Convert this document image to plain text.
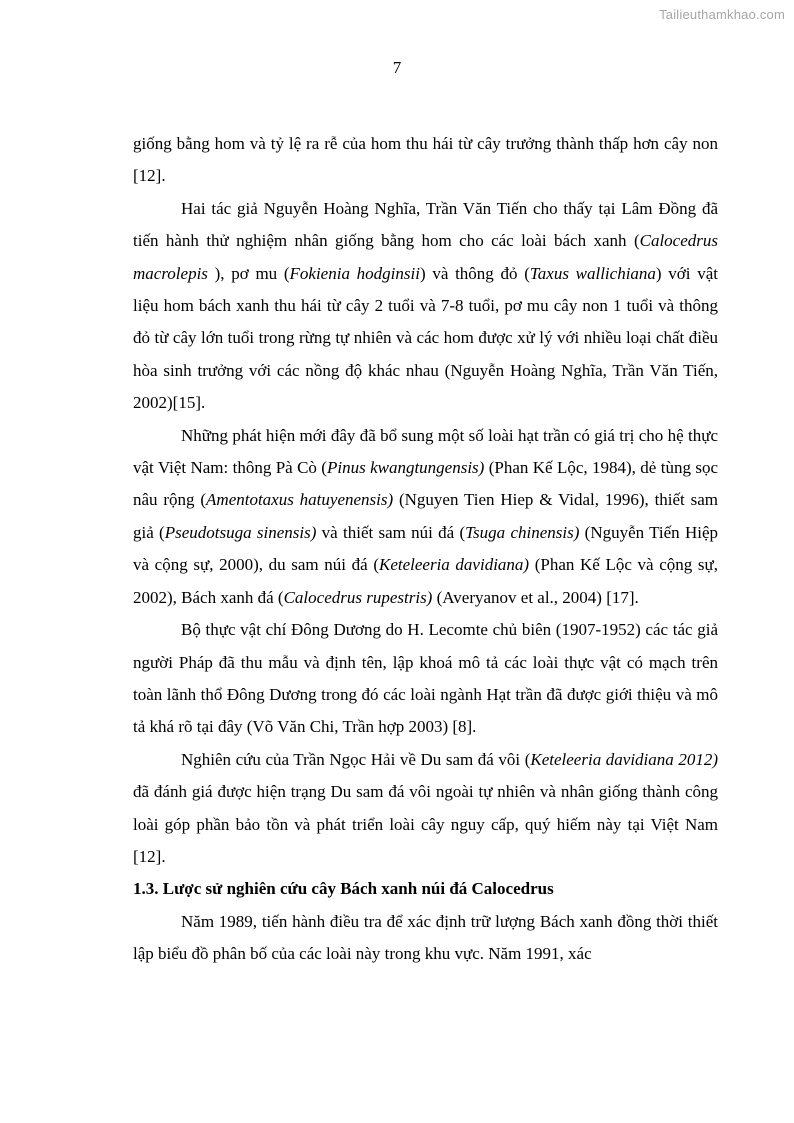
Tailieuthamkhao.com
7

giống bằng hom và tỷ lệ ra rễ của hom thu hái từ cây trưởng thành thấp hơn cây non [12].

Hai tác giả Nguyễn Hoàng Nghĩa, Trần Văn Tiến cho thấy tại Lâm Đồng đã tiến hành thử nghiệm nhân giống bằng hom cho các loài bách xanh (Calocedrus macrolepis ), pơ mu (Fokienia hodginsii) và thông đỏ (Taxus wallichiana) với vật liệu hom bách xanh thu hái từ cây 2 tuổi và 7-8 tuổi, pơ mu cây non 1 tuổi và thông đỏ từ cây lớn tuổi trong rừng tự nhiên và các hom được xử lý với nhiều loại chất điều hòa sinh trưởng với các nồng độ khác nhau (Nguyễn Hoàng Nghĩa, Trần Văn Tiến, 2002)[15].

Những phát hiện mới đây đã bổ sung một số loài hạt trần có giá trị cho hệ thực vật Việt Nam: thông Pà Cò (Pinus kwangtungensis) (Phan Kế Lộc, 1984), dẻ tùng sọc nâu rộng (Amentotaxus hatuyenensis) (Nguyen Tien Hiep & Vidal, 1996), thiết sam giả (Pseudotsuga sinensis) và thiết sam núi đá (Tsuga chinensis) (Nguyễn Tiến Hiệp và cộng sự, 2000), du sam núi đá (Keteleeria davidiana) (Phan Kế Lộc và cộng sự, 2002), Bách xanh đá (Calocedrus rupestris) (Averyanov et al., 2004) [17].

Bộ thực vật chí Đông Dương do H. Lecomte chủ biên (1907-1952) các tác giả người Pháp đã thu mẫu và định tên, lập khoá mô tả các loài thực vật có mạch trên toàn lãnh thổ Đông Dương trong đó các loài ngành Hạt trần đã được giới thiệu và mô tả khá rõ tại đây (Võ Văn Chi, Trần hợp 2003) [8].

Nghiên cứu của Trần Ngọc Hải về Du sam đá vôi (Keteleeria davidiana 2012) đã đánh giá được hiện trạng Du sam đá vôi ngoài tự nhiên và nhân giống thành công loài góp phần bảo tồn và phát triển loài cây nguy cấp, quý hiếm này tại Việt Nam [12].

1.3. Lược sử nghiên cứu cây Bách xanh núi đá Calocedrus

Năm 1989, tiến hành điều tra để xác định trữ lượng Bách xanh đồng thời thiết lập biểu đồ phân bố của các loài này trong khu vực. Năm 1991, xác
